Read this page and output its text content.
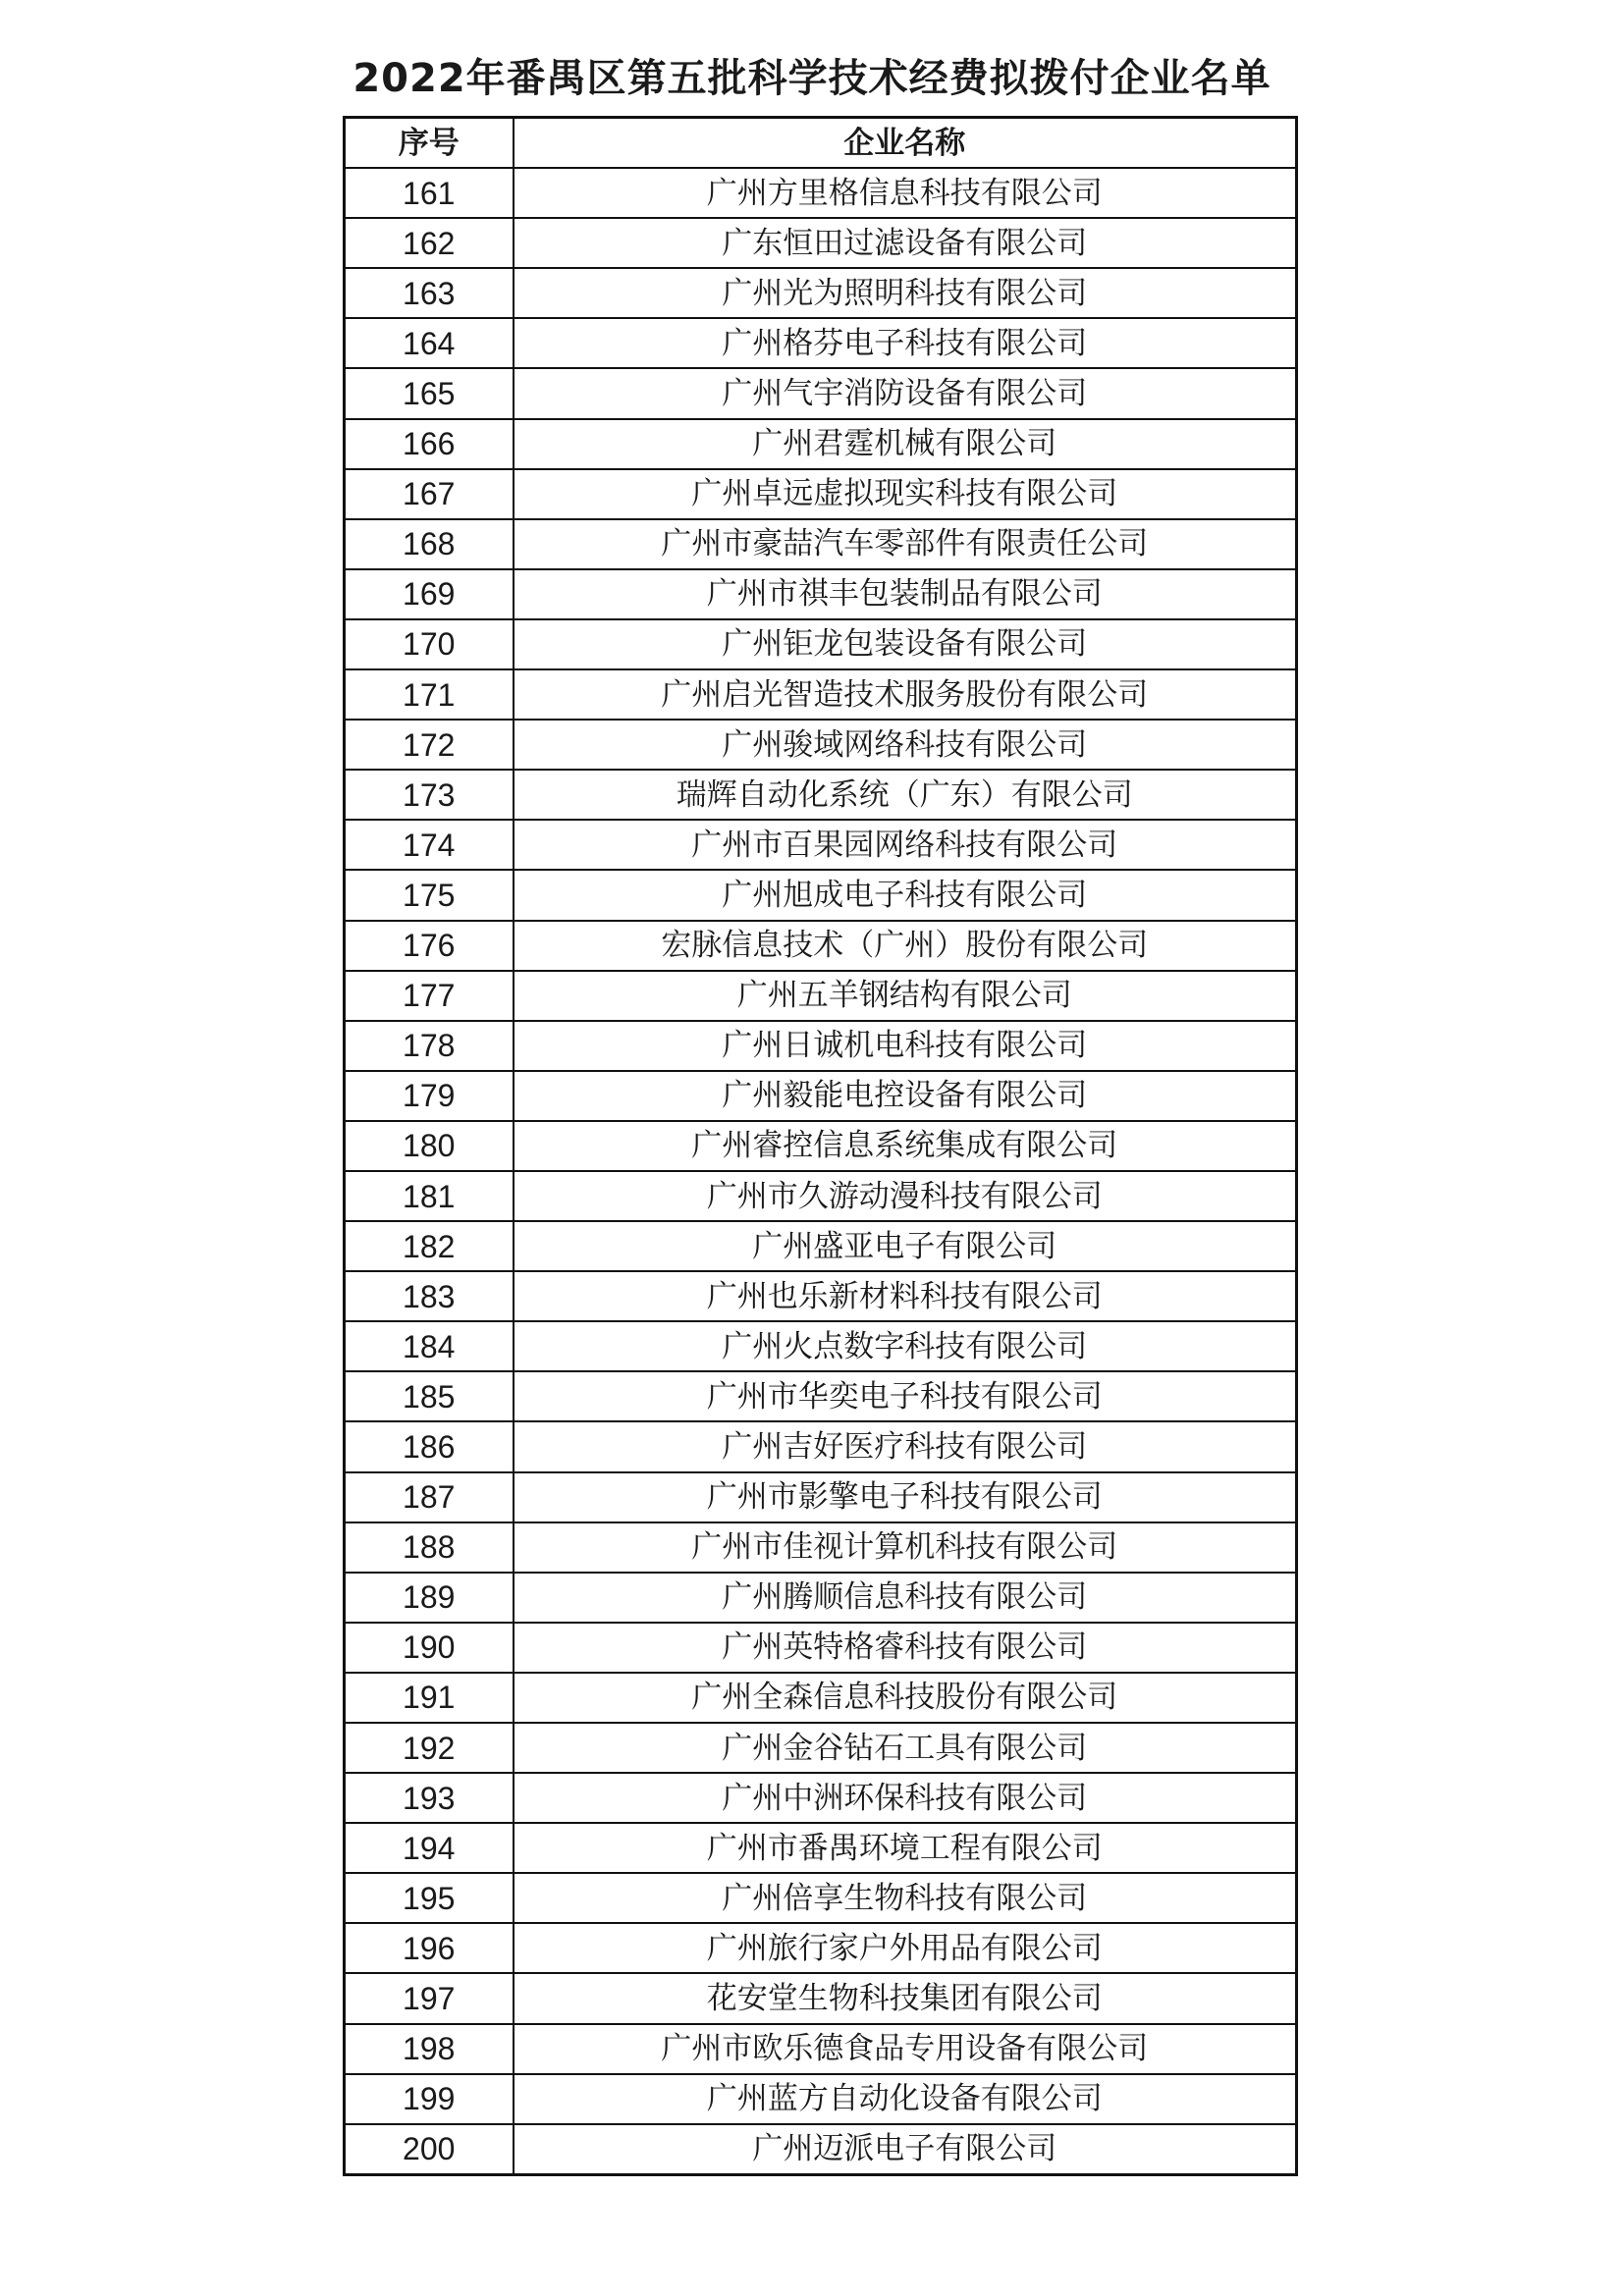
2022年番禺区第五批科学技术经费拟拨付企业名单
序号	企业名称
161	广州方里格信息科技有限公司
162	广东恒田过滤设备有限公司
163	广州光为照明科技有限公司
164	广州格芬电子科技有限公司
165	广州气宇消防设备有限公司
166	广州君霆机械有限公司
167	广州卓远虚拟现实科技有限公司
168	广州市豪喆汽车零部件有限责任公司
169	广州市祺丰包装制品有限公司
170	广州钜龙包装设备有限公司
171	广州启光智造技术服务股份有限公司
172	广州骏域网络科技有限公司
173	瑞辉自动化系统（广东）有限公司
174	广州市百果园网络科技有限公司
175	广州旭成电子科技有限公司
176	宏脉信息技术（广州）股份有限公司
177	广州五羊钢结构有限公司
178	广州日诚机电科技有限公司
179	广州毅能电控设备有限公司
180	广州睿控信息系统集成有限公司
181	广州市久游动漫科技有限公司
182	广州盛亚电子有限公司
183	广州也乐新材料科技有限公司
184	广州火点数字科技有限公司
185	广州市华奕电子科技有限公司
186	广州吉好医疗科技有限公司
187	广州市影擎电子科技有限公司
188	广州市佳视计算机科技有限公司
189	广州腾顺信息科技有限公司
190	广州英特格睿科技有限公司
191	广州全森信息科技股份有限公司
192	广州金谷钻石工具有限公司
193	广州中洲环保科技有限公司
194	广州市番禺环境工程有限公司
195	广州倍享生物科技有限公司
196	广州旅行家户外用品有限公司
197	花安堂生物科技集团有限公司
198	广州市欧乐德食品专用设备有限公司
199	广州蓝方自动化设备有限公司
200	广州迈派电子有限公司
